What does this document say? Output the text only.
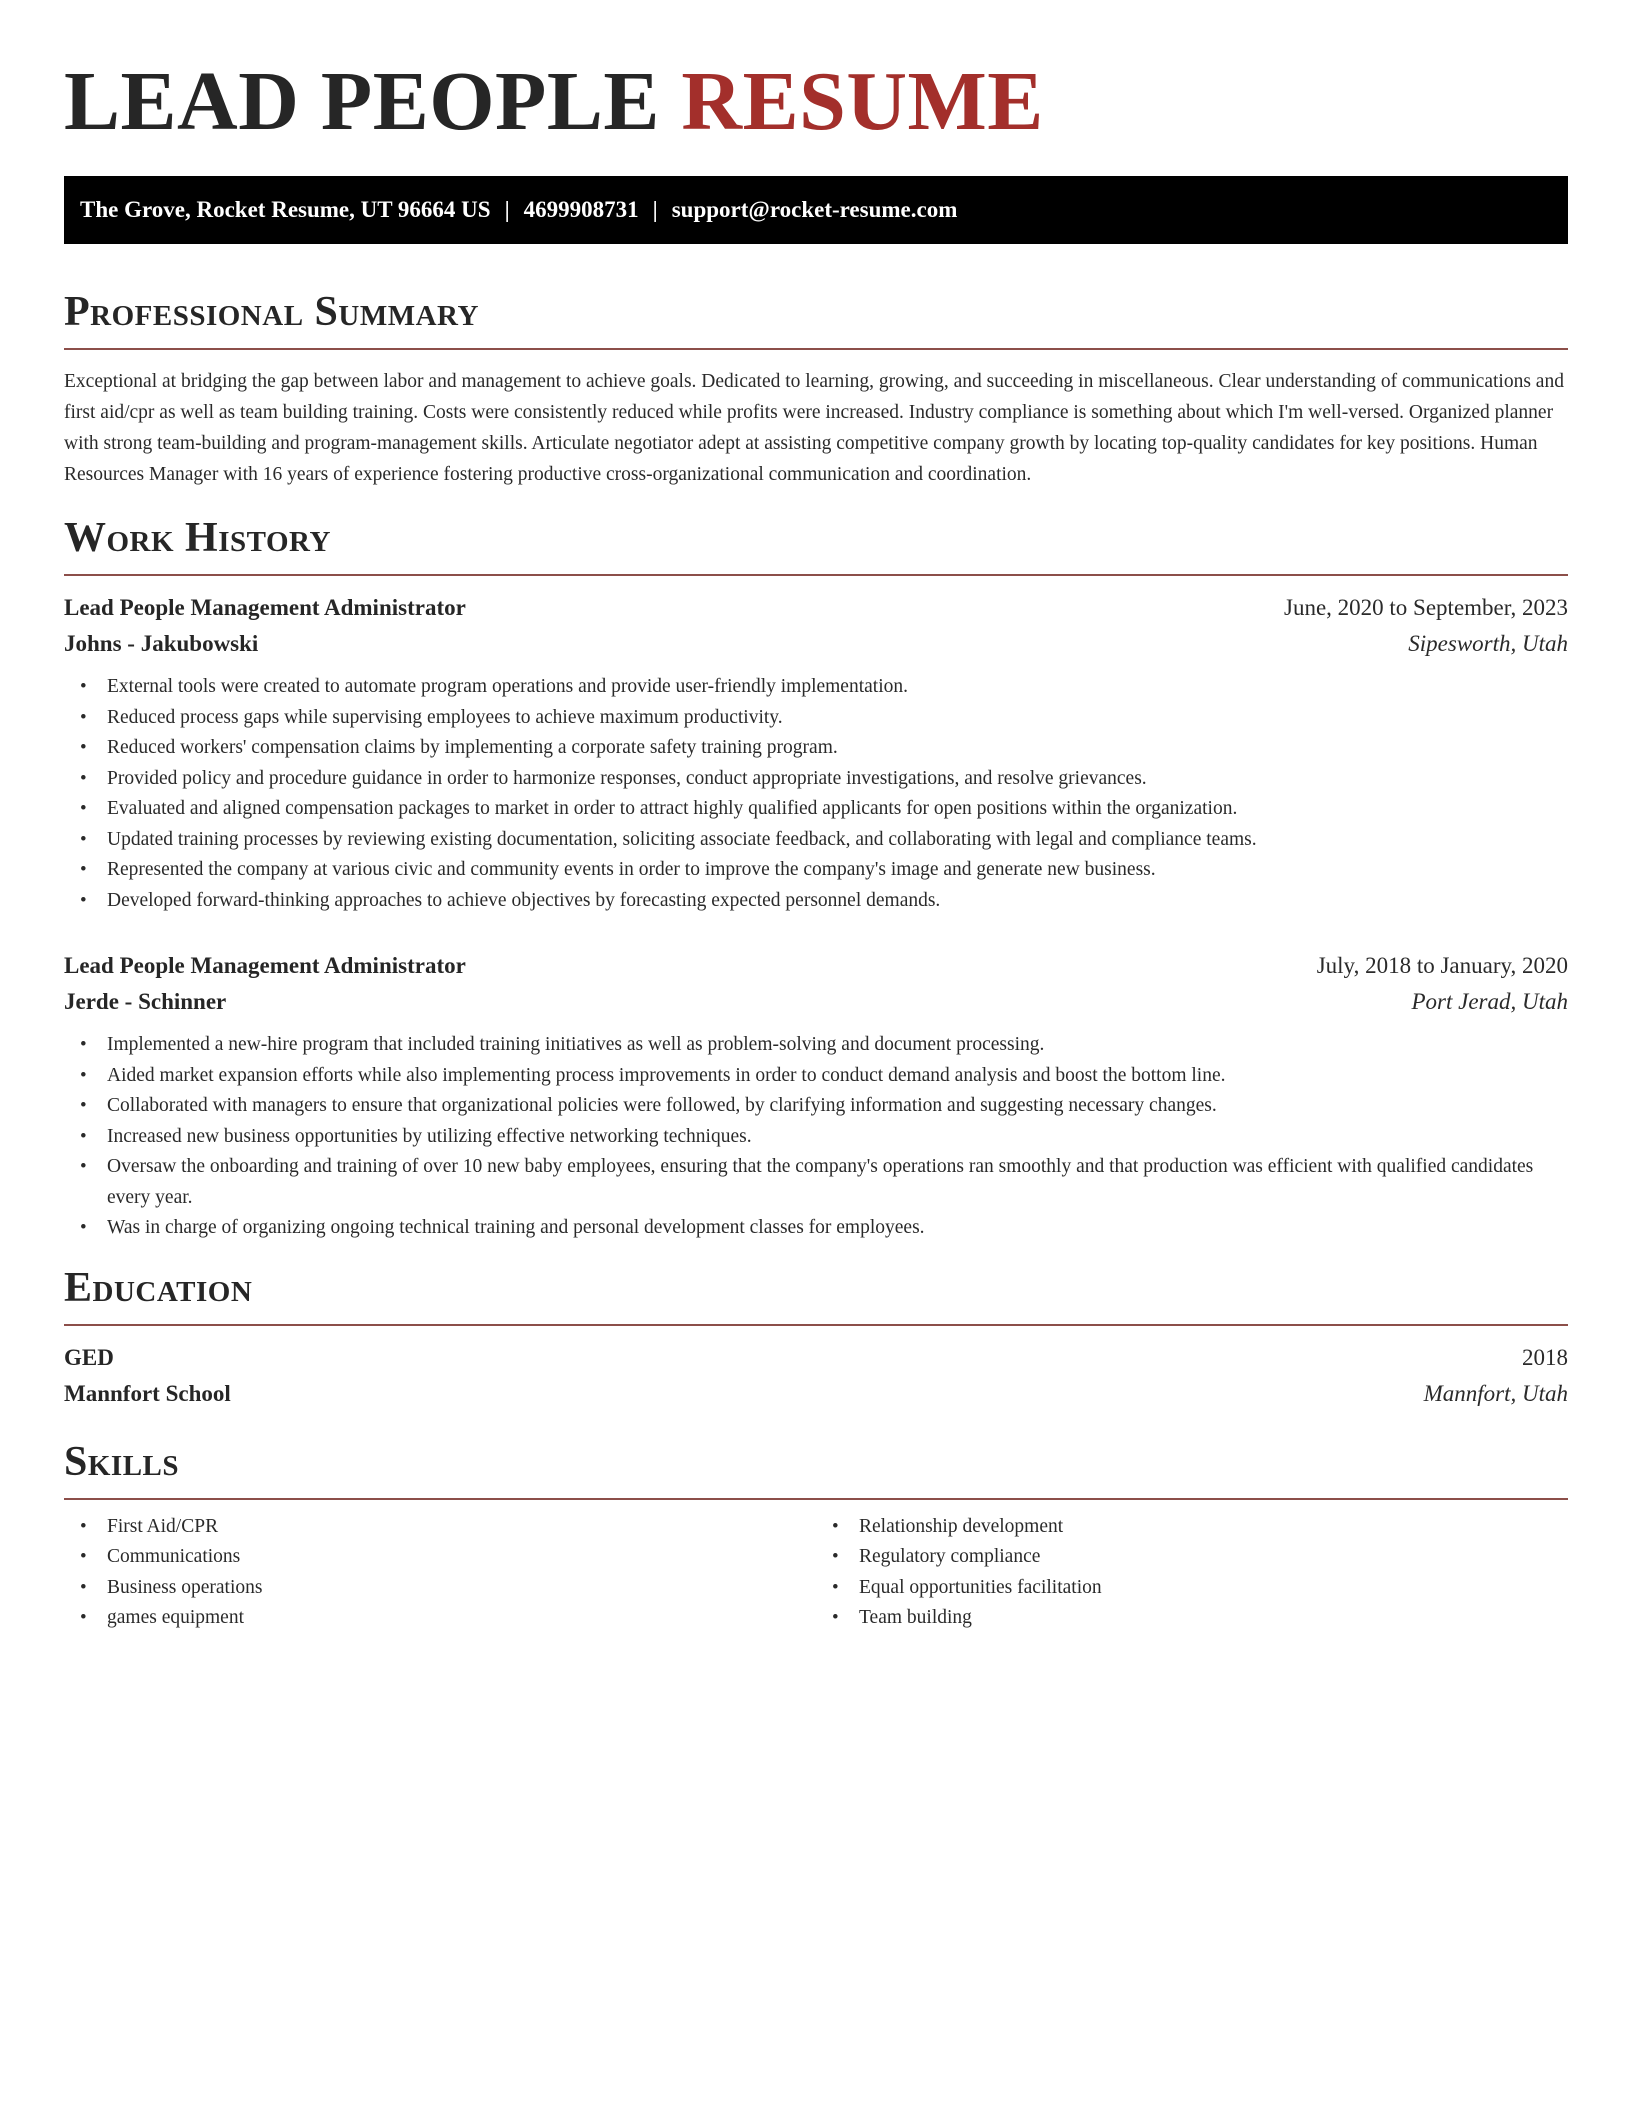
LEAD PEOPLE RESUME
The Grove, Rocket Resume, UT 96664 US | 4699908731 | support@rocket-resume.com
Professional Summary
Exceptional at bridging the gap between labor and management to achieve goals. Dedicated to learning, growing, and succeeding in miscellaneous. Clear understanding of communications and first aid/cpr as well as team building training. Costs were consistently reduced while profits were increased. Industry compliance is something about which I'm well-versed. Organized planner with strong team-building and program-management skills. Articulate negotiator adept at assisting competitive company growth by locating top-quality candidates for key positions. Human Resources Manager with 16 years of experience fostering productive cross-organizational communication and coordination.
Work History
Lead People Management Administrator	June, 2020 to September, 2023
Johns - Jakubowski	Sipesworth, Utah
• External tools were created to automate program operations and provide user-friendly implementation.
• Reduced process gaps while supervising employees to achieve maximum productivity.
• Reduced workers' compensation claims by implementing a corporate safety training program.
• Provided policy and procedure guidance in order to harmonize responses, conduct appropriate investigations, and resolve grievances.
• Evaluated and aligned compensation packages to market in order to attract highly qualified applicants for open positions within the organization.
• Updated training processes by reviewing existing documentation, soliciting associate feedback, and collaborating with legal and compliance teams.
• Represented the company at various civic and community events in order to improve the company's image and generate new business.
• Developed forward-thinking approaches to achieve objectives by forecasting expected personnel demands.
Lead People Management Administrator	July, 2018 to January, 2020
Jerde - Schinner	Port Jerad, Utah
• Implemented a new-hire program that included training initiatives as well as problem-solving and document processing.
• Aided market expansion efforts while also implementing process improvements in order to conduct demand analysis and boost the bottom line.
• Collaborated with managers to ensure that organizational policies were followed, by clarifying information and suggesting necessary changes.
• Increased new business opportunities by utilizing effective networking techniques.
• Oversaw the onboarding and training of over 10 new baby employees, ensuring that the company's operations ran smoothly and that production was efficient with qualified candidates every year.
• Was in charge of organizing ongoing technical training and personal development classes for employees.
Education
GED	2018
Mannfort School	Mannfort, Utah
Skills
• First Aid/CPR
• Communications
• Business operations
• games equipment
• Relationship development
• Regulatory compliance
• Equal opportunities facilitation
• Team building
